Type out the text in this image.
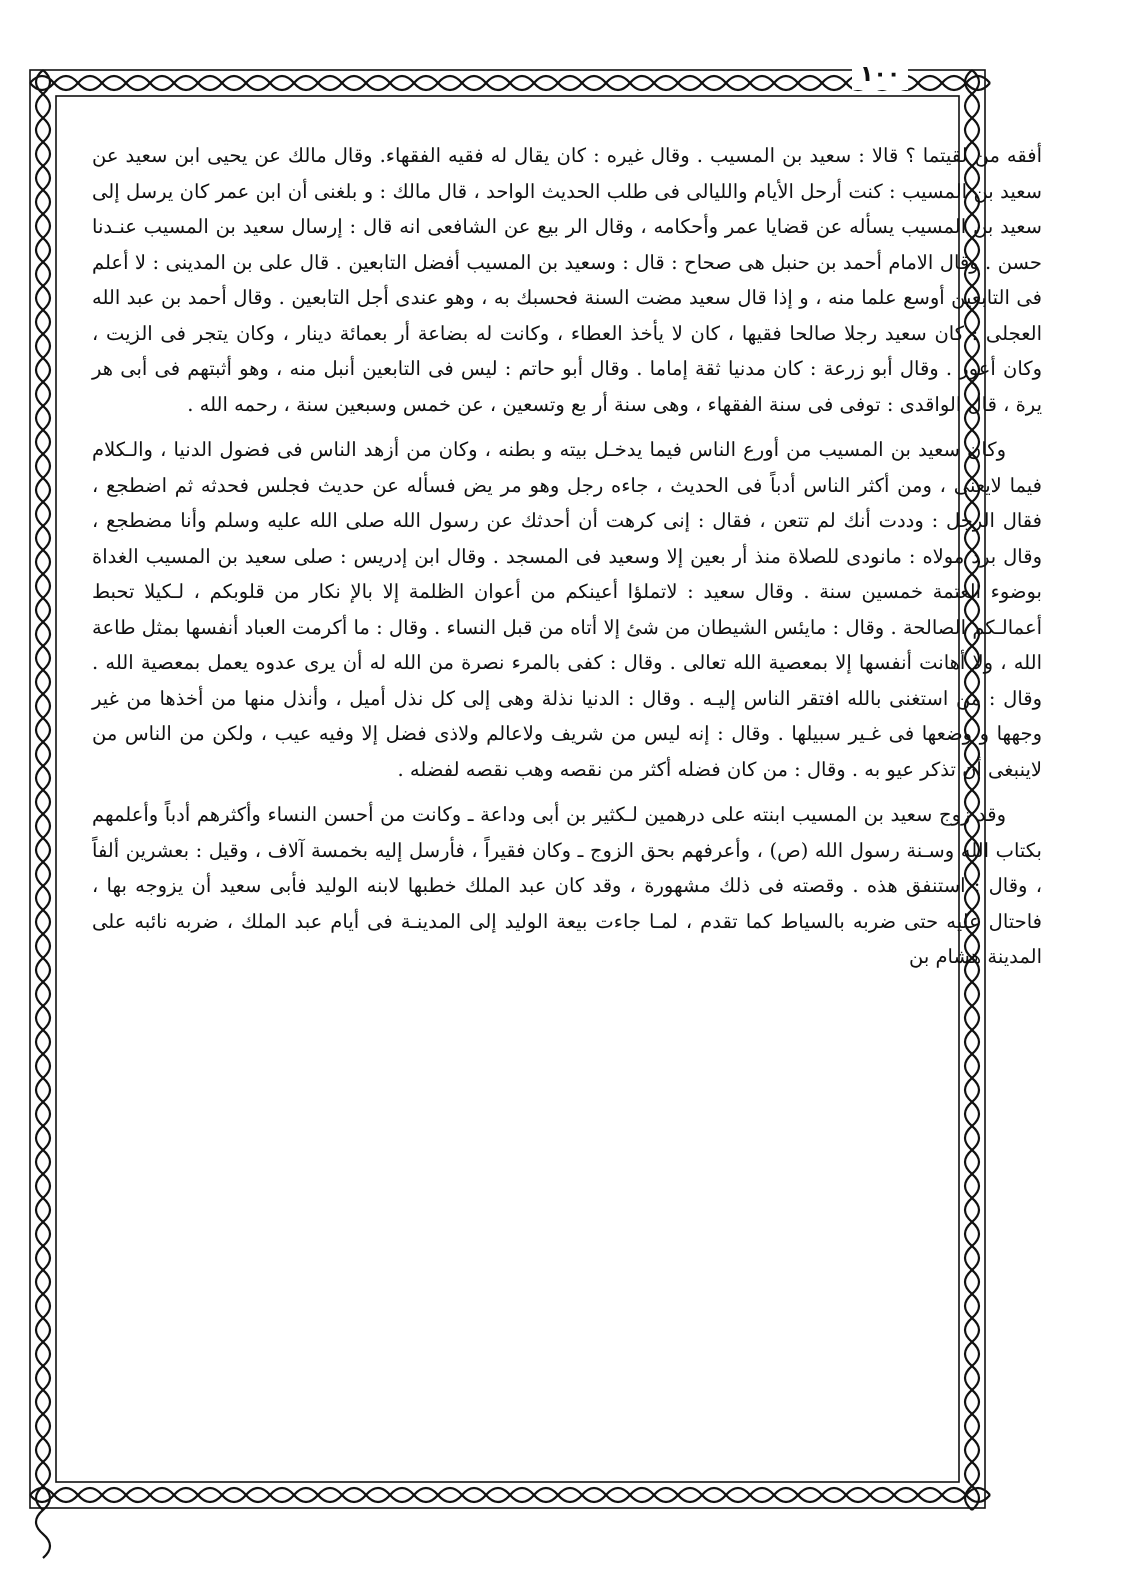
١٠٠

أفقه من لقيتما ؟ قالا : سعيد بن المسيب . وقال غيره : كان يقال له فقيه الفقهاء. وقال مالك عن يحيى ابن سعيد عن سعيد بن المسيب : كنت أرحل الأيام والليالى فى طلب الحديث الواحد ، قال مالك : و بلغنى أن ابن عمر كان يرسل إلى سعيد بن المسيب يسأله عن قضايا عمر وأحكامه ، وقال الر بيع عن الشافعى انه قال : إرسال سعيد بن المسيب عنـدنا حسن . وقال الامام أحمد بن حنبل هى صحاح : قال : وسعيد بن المسيب أفضل التابعين . قال على بن المدينى : لا أعلم فى التابعين أوسع علما منه ، و إذا قال سعيد مضت السنة فحسبك به ، وهو عندى أجل التابعين . وقال أحمد بن عبد الله العجلى : كان سعيد رجلا صالحا فقيها ، كان لا يأخذ العطاء ، وكانت له بضاعة أر بعمائة دينار ، وكان يتجر فى الزيت ، وكان أعور . وقال أبو زرعة : كان مدنيا ثقة إماما . وقال أبو حاتم : ليس فى التابعين أنبل منه ، وهو أثبتهم فى أبى هر يرة ، قال الواقدى : توفى فى سنة الفقهاء ، وهى سنة أر بع وتسعين ، عن خمس وسبعين سنة ، رحمه الله .

وكان سعيد بن المسيب من أورع الناس فيما يدخـل بيته و بطنه ، وكان من أزهد الناس فى فضول الدنيا ، والـكلام فيما لايعنى ، ومن أكثر الناس أدباً فى الحديث ، جاءه رجل وهو مر يض فسأله عن حديث فجلس فحدثه ثم اضطجع ، فقال الرجل : وددت أنك لم تتعن ، فقال : إنى كرهت أن أحدثك عن رسول الله صلى الله عليه وسلم وأنا مضطجع ، وقال برد مولاه : مانودى للصلاة منذ أر بعين إلا وسعيد فى المسجد . وقال ابن إدريس : صلى سعيد بن المسيب الغداة بوضوء العتمة خمسين سنة . وقال سعيد : لاتملؤا أعينكم من أعوان الظلمة إلا بالإ نكار من قلوبكم ، لـكيلا تحبط أعمالـكم الصالحة . وقال : مايئس الشيطان من شئ إلا أتاه من قبل النساء . وقال : ما أكرمت العباد أنفسها بمثل طاعة الله ، ولا أهانت أنفسها إلا بمعصية الله تعالى . وقال : كفى بالمرء نصرة من الله له أن يرى عدوه يعمل بمعصية الله . وقال : من استغنى بالله افتقر الناس إليـه . وقال : الدنيا نذلة وهى إلى كل نذل أميل ، وأنذل منها من أخذها من غير وجهها و وضعها فى غـير سبيلها . وقال : إنه ليس من شريف ولاعالم ولاذى فضل إلا وفيه عيب ، ولكن من الناس من لاينبغى أن تذكر عيو به . وقال : من كان فضله أكثر من نقصه وهب نقصه لفضله .

وقد زوج سعيد بن المسيب ابنته على درهمين لـكثير بن أبى وداعة ـ وكانت من أحسن النساء وأكثرهم أدباً وأعلمهم بكتاب الله وسـنة رسول الله (ص) ، وأعرفهم بحق الزوج ـ وكان فقيراً ، فأرسل إليه بخمسة آلاف ، وقيل : بعشرين ألفاً ، وقال : استنفق هذه . وقصته فى ذلك مشهورة ، وقد كان عبد الملك خطبها لابنه الوليد فأبى سعيد أن يزوجه بها ، فاحتال عليه حتى ضربه بالسياط كما تقدم ، لمـا جاءت بيعة الوليد إلى المدينـة فى أيام عبد الملك ، ضربه نائبه على المدينة هشام بن
